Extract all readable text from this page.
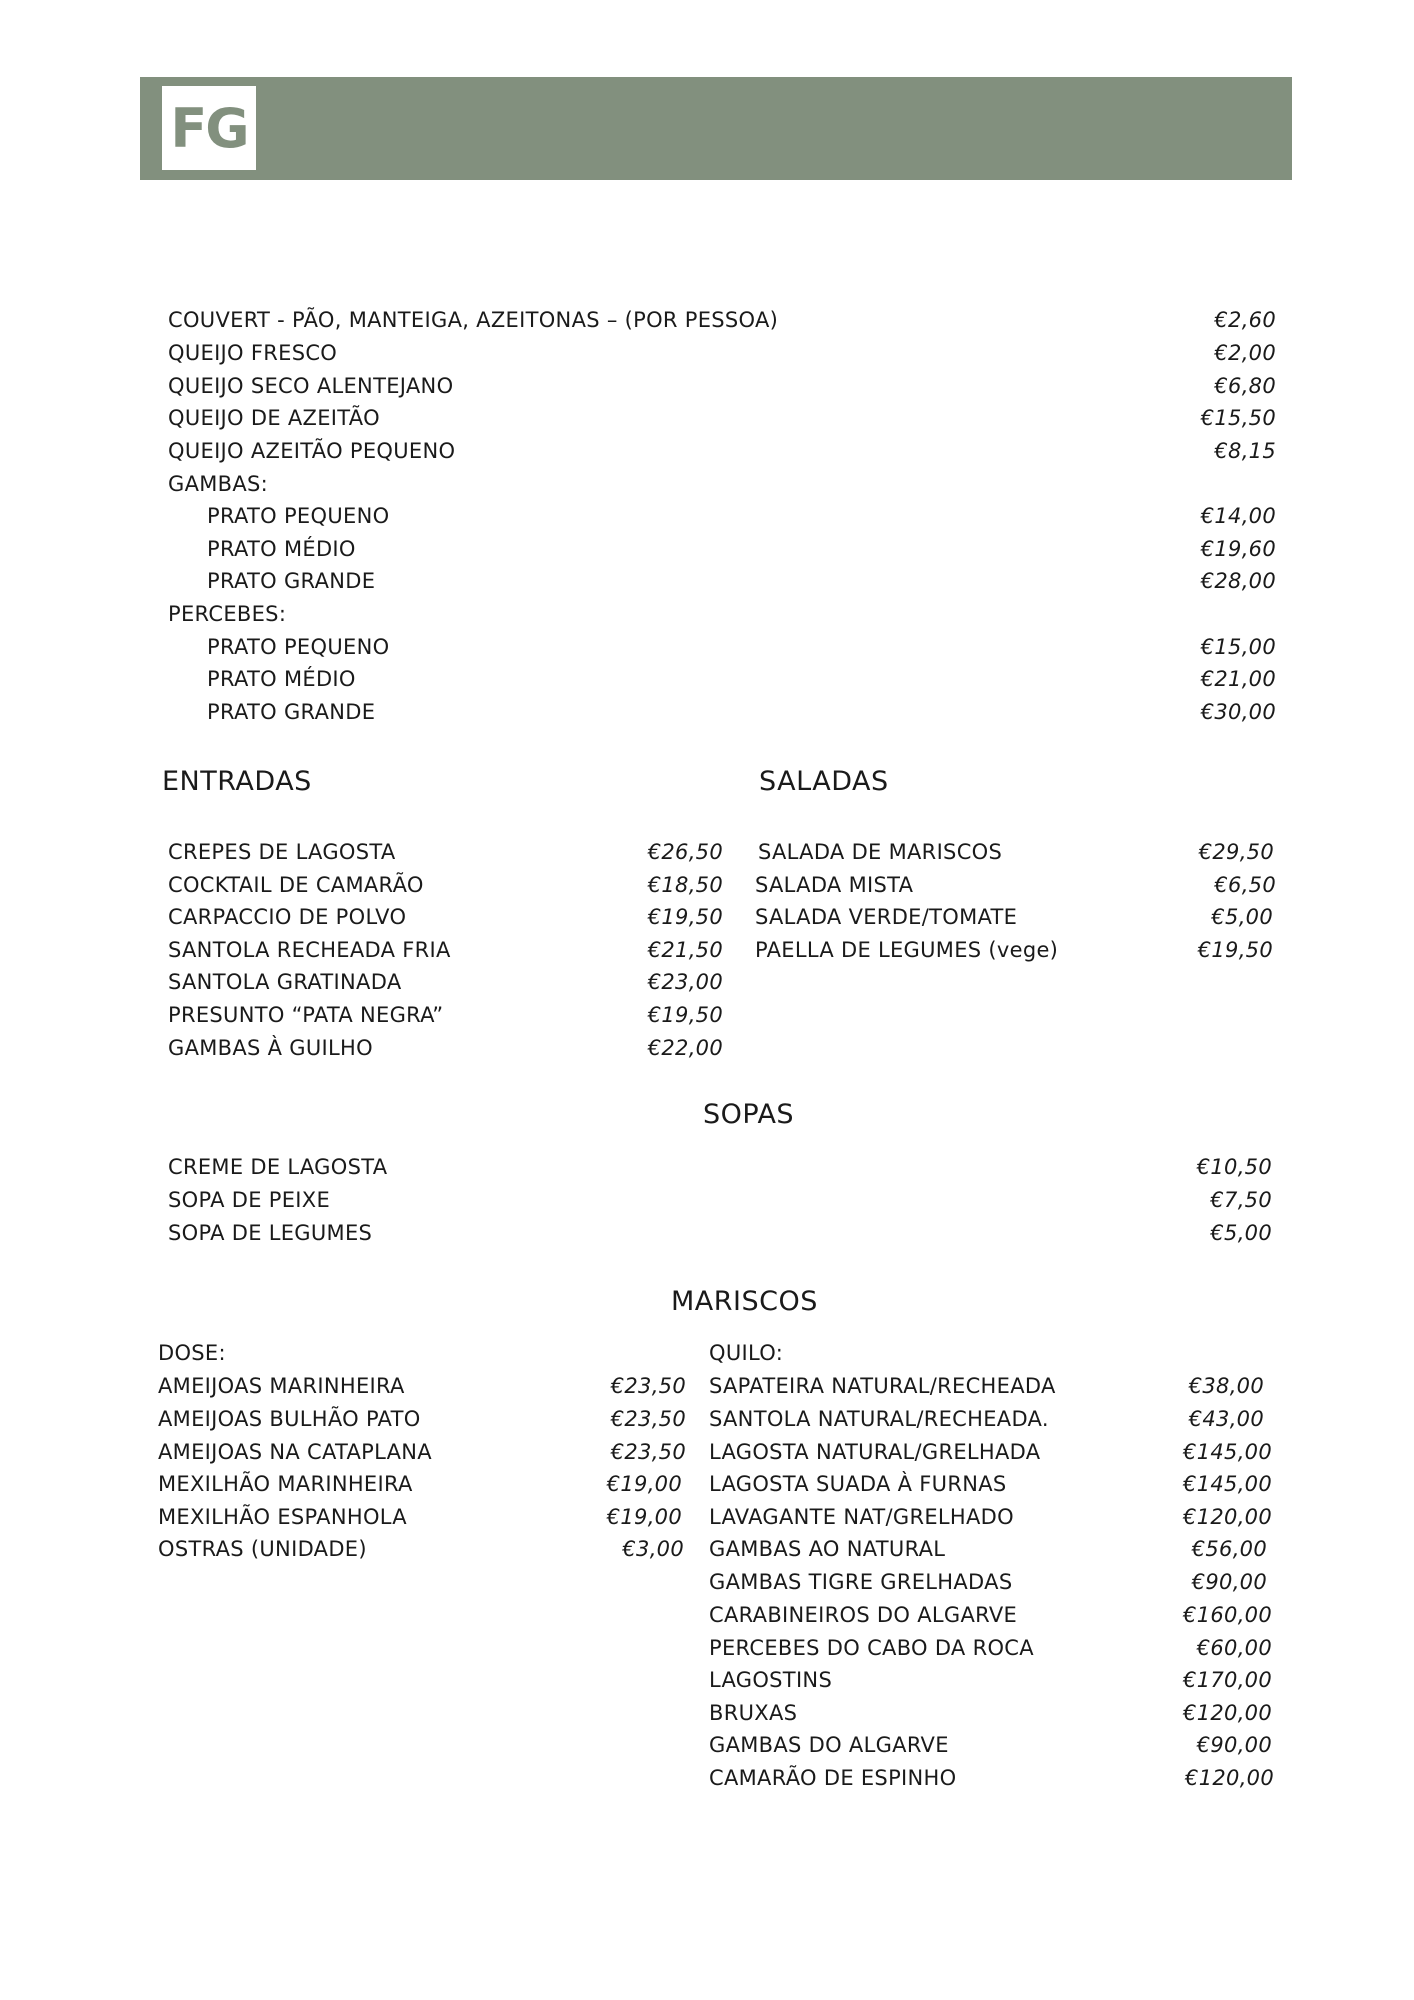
FG
COUVERT - PÃO, MANTEIGA, AZEITONAS – (POR PESSOA)	€2,60
QUEIJO FRESCO	€2,00
QUEIJO SECO ALENTEJANO	€6,80
QUEIJO DE AZEITÃO	€15,50
QUEIJO AZEITÃO PEQUENO	€8,15
GAMBAS:
PRATO PEQUENO	€14,00
PRATO MÉDIO	€19,60
PRATO GRANDE	€28,00
PERCEBES:
PRATO PEQUENO	€15,00
PRATO MÉDIO	€21,00
PRATO GRANDE	€30,00
ENTRADAS	SALADAS
CREPES DE LAGOSTA	€26,50
COCKTAIL DE CAMARÃO	€18,50
CARPACCIO DE POLVO	€19,50
SANTOLA RECHEADA FRIA	€21,50
SANTOLA GRATINADA	€23,00
PRESUNTO “PATA NEGRA”	€19,50
GAMBAS À GUILHO	€22,00
SALADA DE MARISCOS	€29,50
SALADA MISTA	€6,50
SALADA VERDE/TOMATE	€5,00
PAELLA DE LEGUMES (vege)	€19,50
SOPAS
CREME DE LAGOSTA	€10,50
SOPA DE PEIXE	€7,50
SOPA DE LEGUMES	€5,00
MARISCOS
DOSE:	QUILO:
AMEIJOAS MARINHEIRA	€23,50
AMEIJOAS BULHÃO PATO	€23,50
AMEIJOAS NA CATAPLANA	€23,50
MEXILHÃO MARINHEIRA	€19,00
MEXILHÃO ESPANHOLA	€19,00
OSTRAS (UNIDADE)	€3,00
SAPATEIRA NATURAL/RECHEADA	€38,00
SANTOLA NATURAL/RECHEADA.	€43,00
LAGOSTA NATURAL/GRELHADA	€145,00
LAGOSTA SUADA À FURNAS	€145,00
LAVAGANTE NAT/GRELHADO	€120,00
GAMBAS AO NATURAL	€56,00
GAMBAS TIGRE GRELHADAS	€90,00
CARABINEIROS DO ALGARVE	€160,00
PERCEBES DO CABO DA ROCA	€60,00
LAGOSTINS	€170,00
BRUXAS	€120,00
GAMBAS DO ALGARVE	€90,00
CAMARÃO DE ESPINHO	€120,00
